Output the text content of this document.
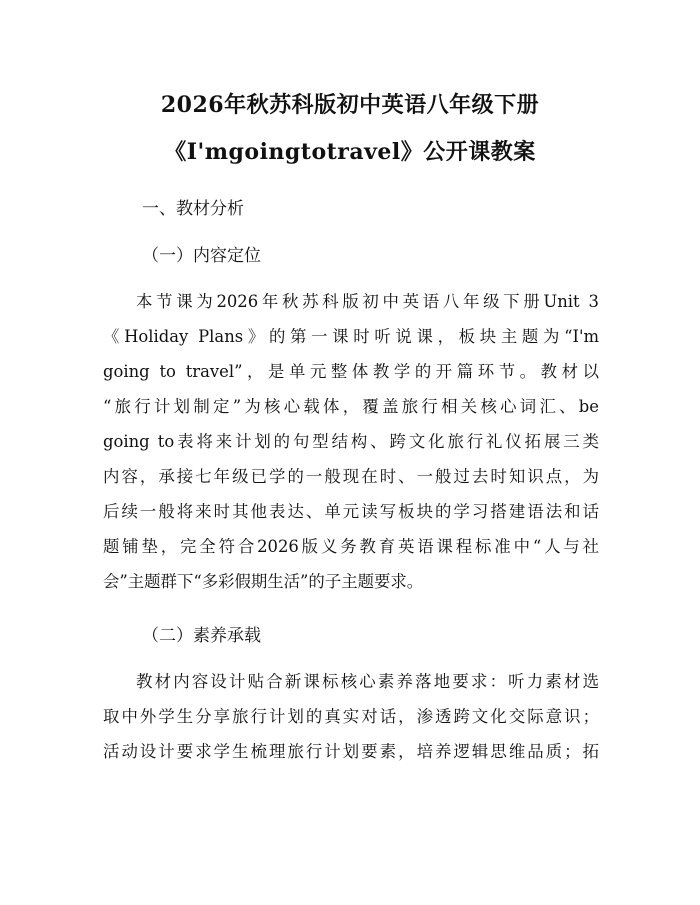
2026年秋苏科版初中英语八年级下册
《I'mgoingtotravel》公开课教案
一、教材分析
（一）内容定位
本节课为2026年秋苏科版初中英语八年级下册Unit 3
《Holiday Plans》的第一课时听说课，板块主题为“I'm
going to travel”，是单元整体教学的开篇环节。教材以
“旅行计划制定”为核心载体，覆盖旅行相关核心词汇、be
going to表将来计划的句型结构、跨文化旅行礼仪拓展三类
内容，承接七年级已学的一般现在时、一般过去时知识点，为
后续一般将来时其他表达、单元读写板块的学习搭建语法和话
题铺垫，完全符合2026版义务教育英语课程标准中“人与社
会”主题群下“多彩假期生活”的子主题要求。
（二）素养承载
教材内容设计贴合新课标核心素养落地要求：听力素材选
取中外学生分享旅行计划的真实对话，渗透跨文化交际意识；
活动设计要求学生梳理旅行计划要素，培养逻辑思维品质；拓
